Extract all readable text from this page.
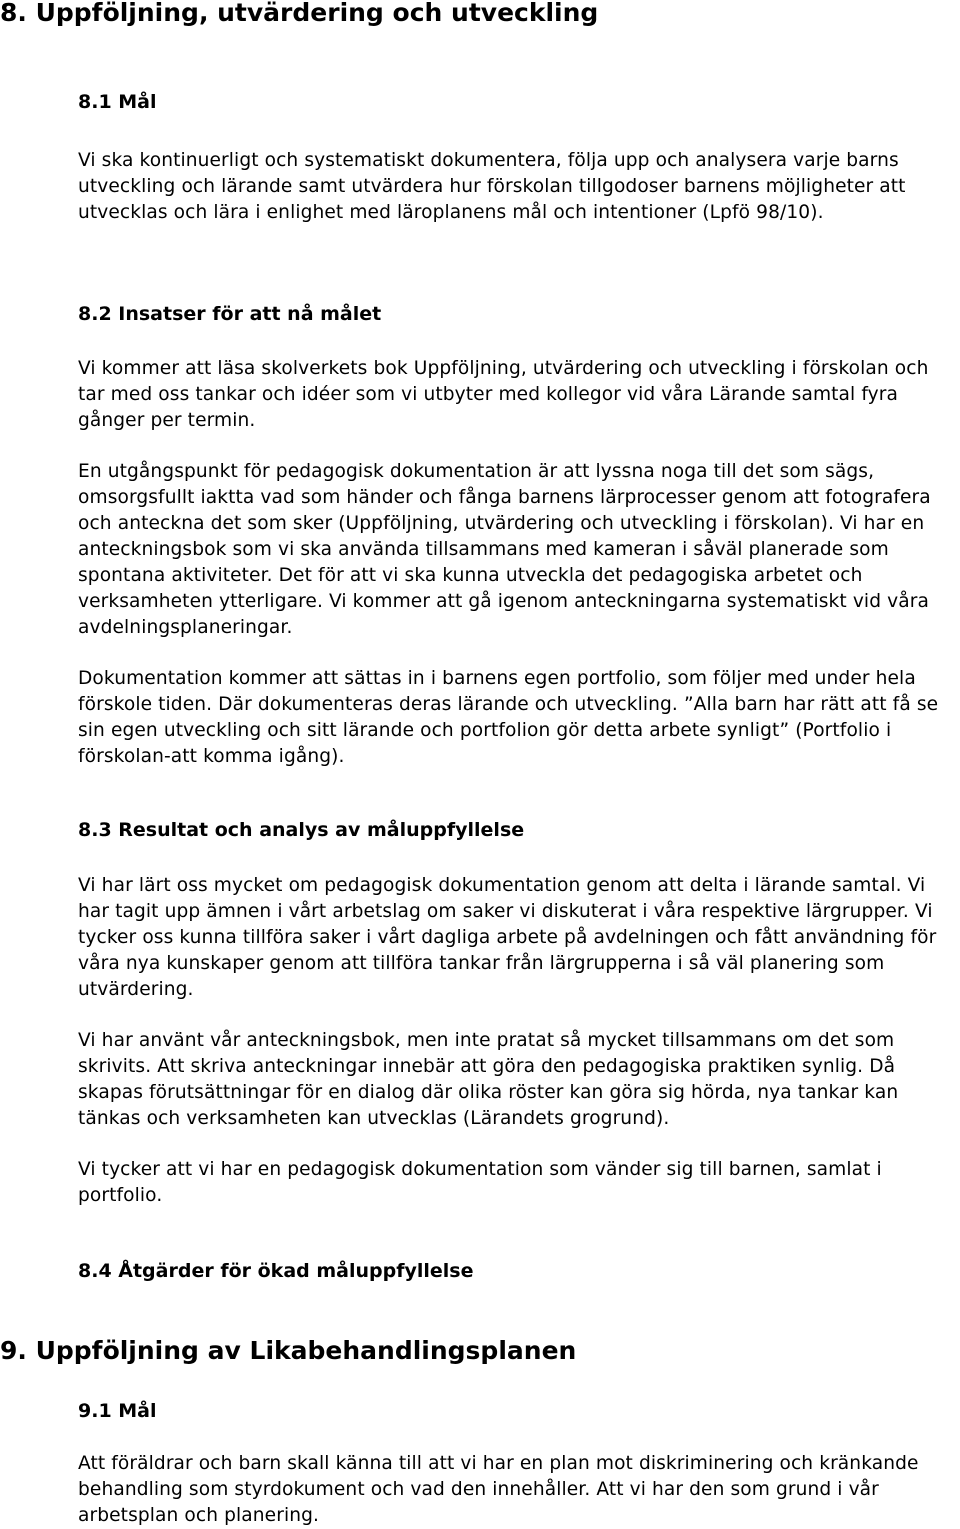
8. Uppföljning, utvärdering och utveckling
8.1 Mål

Vi ska kontinuerligt och systematiskt dokumentera, följa upp och analysera varje barns utveckling och lärande samt utvärdera hur förskolan tillgodoser barnens möjligheter att utvecklas och lära i enlighet med läroplanens mål och intentioner (Lpfö 98/10).

8.2 Insatser för att nå målet

Vi kommer att läsa skolverkets bok Uppföljning, utvärdering och utveckling i förskolan och tar med oss tankar och idéer som vi utbyter med kollegor vid våra Lärande samtal fyra gånger per termin.

En utgångspunkt för pedagogisk dokumentation är att lyssna noga till det som sägs, omsorgsfullt iaktta vad som händer och fånga barnens lärprocesser genom att fotografera och anteckna det som sker (Uppföljning, utvärdering och utveckling i förskolan). Vi har en anteckningsbok som vi ska använda tillsammans med kameran i såväl planerade som spontana aktiviteter. Det för att vi ska kunna utveckla det pedagogiska arbetet och verksamheten ytterligare. Vi kommer att gå igenom anteckningarna systematiskt vid våra avdelningsplaneringar.

Dokumentation kommer att sättas in i barnens egen portfolio, som följer med under hela förskole tiden. Där dokumenteras deras lärande och utveckling. ”Alla barn har rätt att få se sin egen utveckling och sitt lärande och portfolion gör detta arbete synligt” (Portfolio i förskolan-att komma igång).

8.3 Resultat och analys av måluppfyllelse

Vi har lärt oss mycket om pedagogisk dokumentation genom att delta i lärande samtal. Vi har tagit upp ämnen i vårt arbetslag om saker vi diskuterat i våra respektive lärgrupper. Vi tycker oss kunna tillföra saker i vårt dagliga arbete på avdelningen och fått användning för våra nya kunskaper genom att tillföra tankar från lärgrupperna i så väl planering som utvärdering.

Vi har använt vår anteckningsbok, men inte pratat så mycket tillsammans om det som skrivits. Att skriva anteckningar innebär att göra den pedagogiska praktiken synlig. Då skapas förutsättningar för en dialog där olika röster kan göra sig hörda, nya tankar kan tänkas och verksamheten kan utvecklas (Lärandets grogrund).

Vi tycker att vi har en pedagogisk dokumentation som vänder sig till barnen, samlat i portfolio.

8.4 Åtgärder för ökad måluppfyllelse
9. Uppföljning av Likabehandlingsplanen
9.1 Mål

Att föräldrar och barn skall känna till att vi har en plan mot diskriminering och kränkande behandling som styrdokument och vad den innehåller. Att vi har den som grund i vår arbetsplan och planering.
